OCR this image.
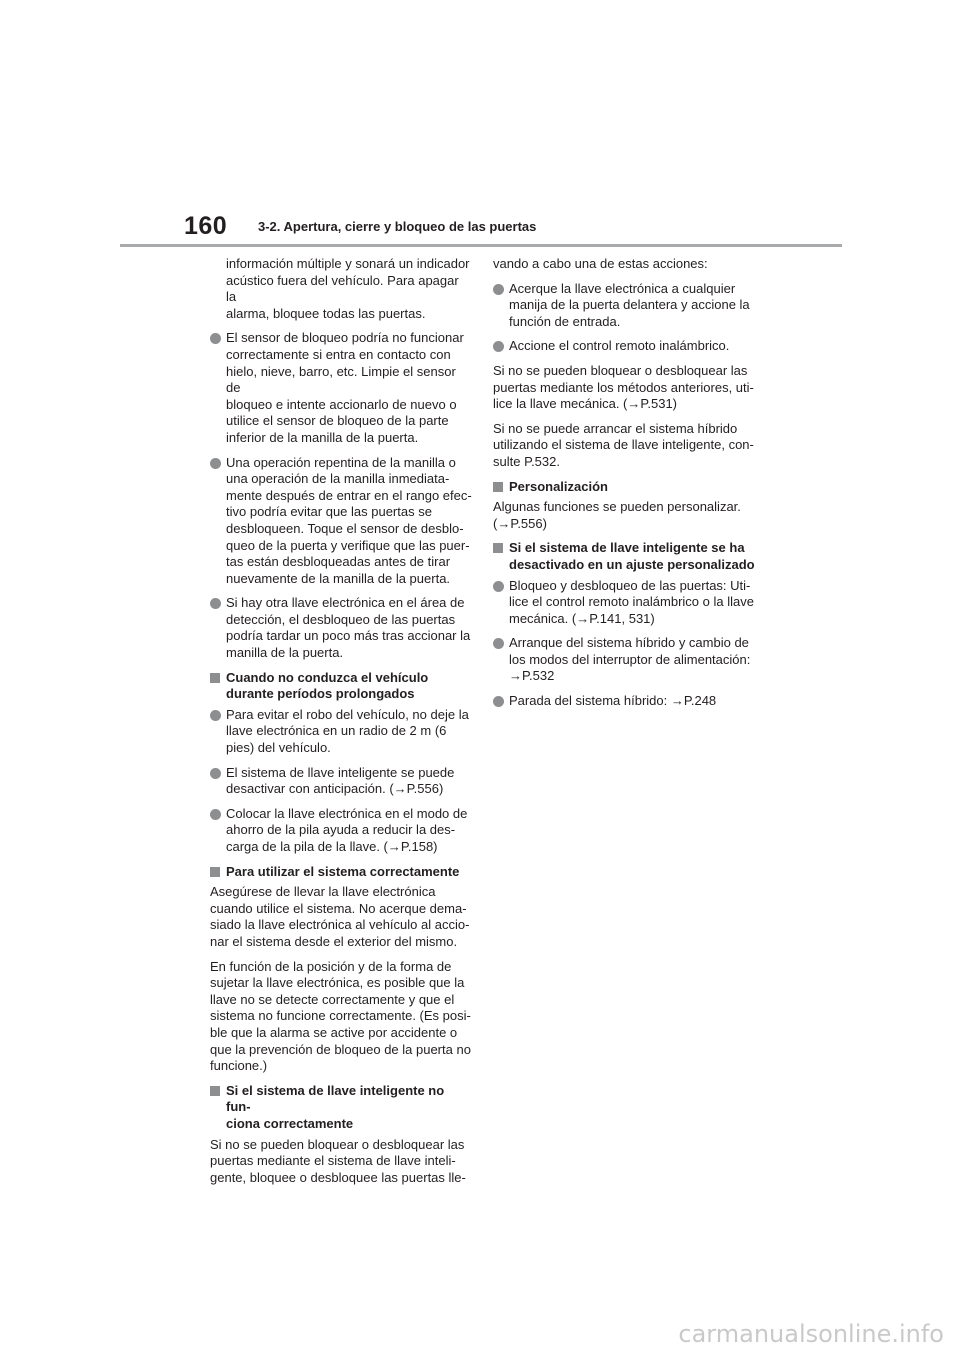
160 3-2. Apertura, cierre y bloqueo de las puertas
información múltiple y sonará un indicador
acústico fuera del vehículo. Para apagar la
alarma, bloquee todas las puertas.
El sensor de bloqueo podría no funcionar
correctamente si entra en contacto con
hielo, nieve, barro, etc. Limpie el sensor de
bloqueo e intente accionarlo de nuevo o
utilice el sensor de bloqueo de la parte
inferior de la manilla de la puerta.
Una operación repentina de la manilla o
una operación de la manilla inmediata-
mente después de entrar en el rango efec-
tivo podría evitar que las puertas se
desbloqueen. Toque el sensor de desblo-
queo de la puerta y verifique que las puer-
tas están desbloqueadas antes de tirar
nuevamente de la manilla de la puerta.
Si hay otra llave electrónica en el área de
detección, el desbloqueo de las puertas
podría tardar un poco más tras accionar la
manilla de la puerta.
Cuando no conduzca el vehículo
durante períodos prolongados
Para evitar el robo del vehículo, no deje la
llave electrónica en un radio de 2 m (6
pies) del vehículo.
El sistema de llave inteligente se puede
desactivar con anticipación. (→P.556)
Colocar la llave electrónica en el modo de
ahorro de la pila ayuda a reducir la des-
carga de la pila de la llave. (→P.158)
Para utilizar el sistema correctamente
Asegúrese de llevar la llave electrónica
cuando utilice el sistema. No acerque dema-
siado la llave electrónica al vehículo al accio-
nar el sistema desde el exterior del mismo.
En función de la posición y de la forma de
sujetar la llave electrónica, es posible que la
llave no se detecte correctamente y que el
sistema no funcione correctamente. (Es posi-
ble que la alarma se active por accidente o
que la prevención de bloqueo de la puerta no
funcione.)
Si el sistema de llave inteligente no fun-
ciona correctamente
Si no se pueden bloquear o desbloquear las
puertas mediante el sistema de llave inteli-
gente, bloquee o desbloquee las puertas lle-
vando a cabo una de estas acciones:
Acerque la llave electrónica a cualquier
manija de la puerta delantera y accione la
función de entrada.
Accione el control remoto inalámbrico.
Si no se pueden bloquear o desbloquear las
puertas mediante los métodos anteriores, uti-
lice la llave mecánica. (→P.531)
Si no se puede arrancar el sistema híbrido
utilizando el sistema de llave inteligente, con-
sulte P.532.
Personalización
Algunas funciones se pueden personalizar.
(→P.556)
Si el sistema de llave inteligente se ha
desactivado en un ajuste personalizado
Bloqueo y desbloqueo de las puertas: Uti-
lice el control remoto inalámbrico o la llave
mecánica. (→P.141, 531)
Arranque del sistema híbrido y cambio de
los modos del interruptor de alimentación:
→P.532
Parada del sistema híbrido: →P.248
carmanualsonline.info
